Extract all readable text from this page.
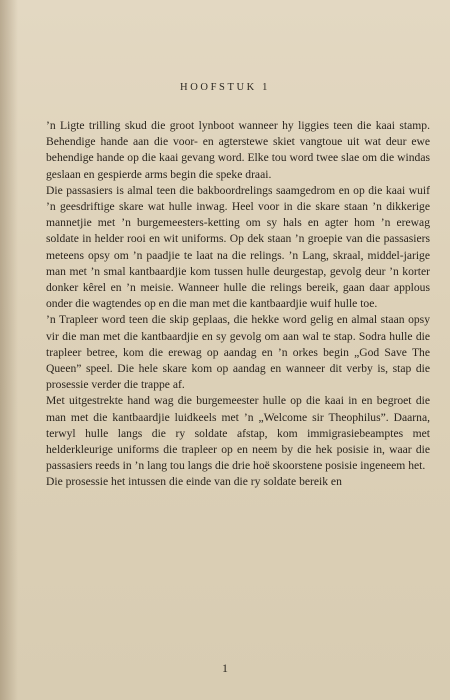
HOOFSTUK 1

’n Ligte trilling skud die groot lynboot wanneer hy liggies teen die kaai stamp. Behendige hande aan die voor- en agterstewe skiet vangtoue uit wat deur ewe behendige hande op die kaai gevang word. Elke tou word twee slae om die windas geslaan en gespierde arms begin die speke draai.

Die passasiers is almal teen die bakboordrelings saamgedrom en op die kaai wuif ’n geesdriftige skare wat hulle inwag. Heel voor in die skare staan ’n dikkerige mannetjie met ’n burgemeesters-ketting om sy hals en agter hom ’n erewag soldate in helder rooi en wit uniforms. Op dek staan ’n groepie van die passasiers meteens opsy om ’n paadjie te laat na die relings. ’n Lang, skraal, middel-jarige man met ’n smal kantbaardjie kom tussen hulle deurgestap, gevolg deur ’n korter donker kêrel en ’n meisie. Wanneer hulle die relings bereik, gaan daar applous onder die wagtendes op en die man met die kantbaardjie wuif hulle toe.

’n Trapleer word teen die skip geplaas, die hekke word gelig en almal staan opsy vir die man met die kantbaardjie en sy gevolg om aan wal te stap. Sodra hulle die trapleer betree, kom die erewag op aandag en ’n orkes begin „God Save The Queen” speel. Die hele skare kom op aandag en wanneer dit verby is, stap die prosessie verder die trappe af.

Met uitgestrekte hand wag die burgemeester hulle op die kaai in en begroet die man met die kantbaardjie luidkeels met ’n „Welcome sir Theophilus”. Daarna, terwyl hulle langs die ry soldate afstap, kom immigrasiebeamptes met helderkleurige uniforms die trapleer op en neem by die hek posisie in, waar die passasiers reeds in ’n lang tou langs die drie hoë skoorstene posisie ingeneem het.

Die prosessie het intussen die einde van die ry soldate bereik en

1
